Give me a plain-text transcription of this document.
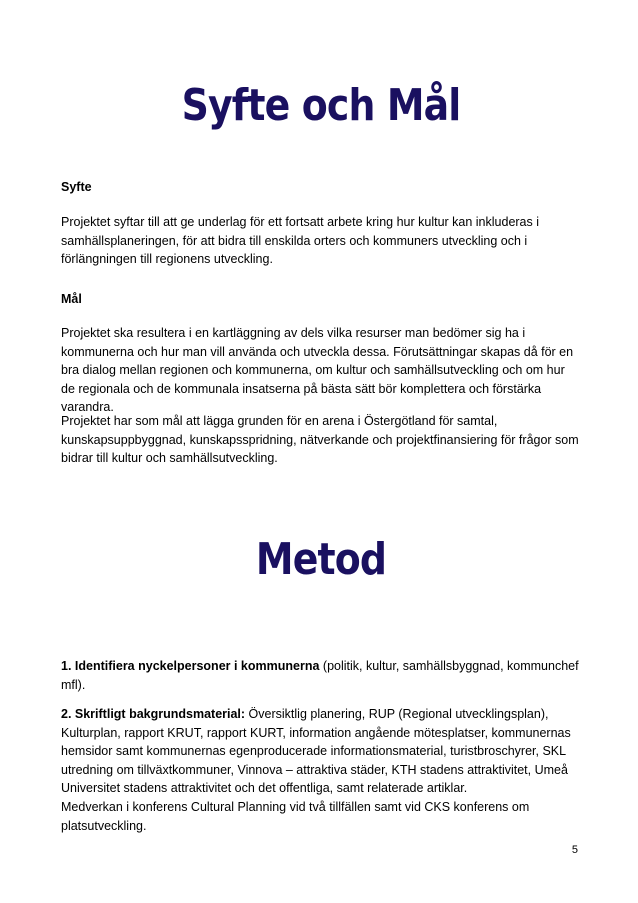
Syfte och Mål

Syfte

Projektet syftar till att ge underlag för ett fortsatt arbete kring hur kultur kan inkluderas i samhällsplaneringen, för att bidra till enskilda orters och kommuners utveckling och i förlängningen till regionens utveckling.

Mål

Projektet ska resultera i en kartläggning av dels vilka resurser man bedömer sig ha i kommunerna och hur man vill använda och utveckla dessa. Förutsättningar skapas då för en bra dialog mellan regionen och kommunerna, om kultur och samhällsutveckling och om hur de regionala och de kommunala insatserna på bästa sätt bör komplettera och förstärka varandra.

Projektet har som mål att lägga grunden för en arena i Östergötland för samtal, kunskapsuppbyggnad, kunskapsspridning, nätverkande och projektfinansiering för frågor som bidrar till kultur och samhällsutveckling.

Metod

1. Identifiera nyckelpersoner i kommunerna (politik, kultur, samhällsbyggnad, kommunchef mfl).

2. Skriftligt bakgrundsmaterial: Översiktlig planering, RUP (Regional utvecklingsplan), Kulturplan, rapport KRUT, rapport KURT, information angående mötesplatser, kommunernas hemsidor samt kommunernas egenproducerade informationsmaterial, turistbroschyrer, SKL utredning om tillväxtkommuner, Vinnova – attraktiva städer, KTH stadens attraktivitet, Umeå Universitet stadens attraktivitet och det offentliga, samt relaterade artiklar.
Medverkan i konferens Cultural Planning vid två tillfällen samt vid CKS konferens om platsutveckling.

5
